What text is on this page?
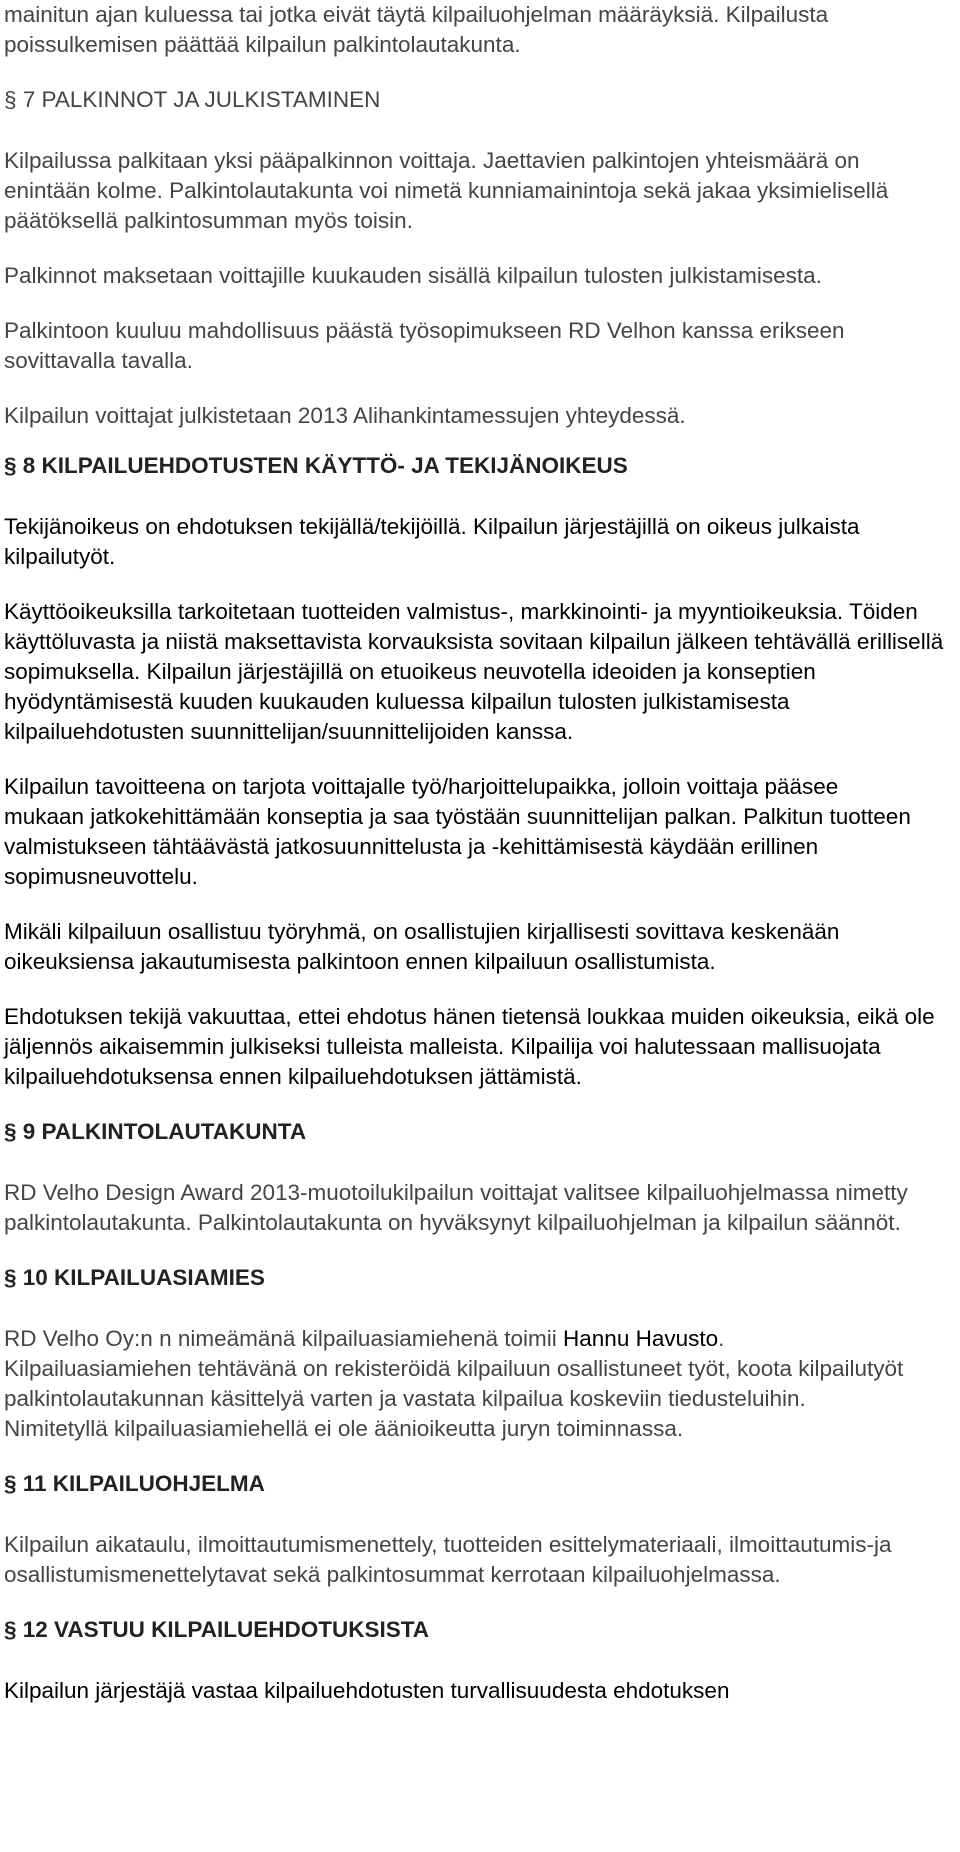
mainitun ajan kuluessa tai jotka eivät täytä kilpailuohjelman määräyksiä. Kilpailusta poissulkemisen päättää kilpailun palkintolautakunta.

§ 7 PALKINNOT JA JULKISTAMINEN

Kilpailussa palkitaan yksi pääpalkinnon voittaja. Jaettavien palkintojen yhteismäärä on enintään kolme. Palkintolautakunta voi nimetä kunniamainintoja sekä jakaa yksimielisellä päätöksellä palkintosumman myös toisin.

Palkinnot maksetaan voittajille kuukauden sisällä kilpailun tulosten julkistamisesta.

Palkintoon kuuluu mahdollisuus päästä työsopimukseen RD Velhon kanssa erikseen sovittavalla tavalla.

Kilpailun voittajat julkistetaan 2013 Alihankintamessujen yhteydessä.

§ 8 KILPAILUEHDOTUSTEN KÄYTTÖ- JA TEKIJÄNOIKEUS

Tekijänoikeus on ehdotuksen tekijällä/tekijöillä. Kilpailun järjestäjillä on oikeus julkaista kilpailutyöt.

Käyttöoikeuksilla tarkoitetaan tuotteiden valmistus-, markkinointi- ja myyntioikeuksia. Töiden käyttöluvasta ja niistä maksettavista korvauksista sovitaan kilpailun jälkeen tehtävällä erillisellä sopimuksella. Kilpailun järjestäjillä on etuoikeus neuvotella ideoiden ja konseptien hyödyntämisestä kuuden kuukauden kuluessa kilpailun tulosten julkistamisesta kilpailuehdotusten suunnittelijan/suunnittelijoiden kanssa.

Kilpailun tavoitteena on tarjota voittajalle työ/harjoittelupaikka, jolloin voittaja pääsee mukaan jatkokehittämään konseptia ja saa työstään suunnittelijan palkan. Palkitun tuotteen valmistukseen tähtäävästä jatkosuunnittelusta ja -kehittämisestä käydään erillinen sopimusneuvottelu.

Mikäli kilpailuun osallistuu työryhmä, on osallistujien kirjallisesti sovittava keskenään oikeuksiensa jakautumisesta palkintoon ennen kilpailuun osallistumista.

Ehdotuksen tekijä vakuuttaa, ettei ehdotus hänen tietensä loukkaa muiden oikeuksia, eikä ole jäljennös aikaisemmin julkiseksi tulleista malleista. Kilpailija voi halutessaan mallisuojata kilpailuehdotuksensa ennen kilpailuehdotuksen jättämistä.

§ 9 PALKINTOLAUTAKUNTA

RD Velho Design Award 2013-muotoilukilpailun voittajat valitsee kilpailuohjelmassa nimetty palkintolautakunta. Palkintolautakunta on hyväksynyt kilpailuohjelman ja kilpailun säännöt.

§ 10 KILPAILUASIAMIES

RD Velho Oy:n n nimeämänä kilpailuasiamiehenä toimii Hannu Havusto. Kilpailuasiamiehen tehtävänä on rekisteröidä kilpailuun osallistuneet työt, koota kilpailutyöt palkintolautakunnan käsittelyä varten ja vastata kilpailua koskeviin tiedusteluihin. Nimitetyllä kilpailuasiamiehellä ei ole äänioikeutta juryn toiminnassa.

§ 11 KILPAILUOHJELMA

Kilpailun aikataulu, ilmoittautumismenettely, tuotteiden esittelymateriaali, ilmoittautumis-ja osallistumismenettelytavat sekä palkintosummat kerrotaan kilpailuohjelmassa.

§ 12 VASTUU KILPAILUEHDOTUKSISTA

Kilpailun järjestäjä vastaa kilpailuehdotusten turvallisuudesta ehdotuksen
